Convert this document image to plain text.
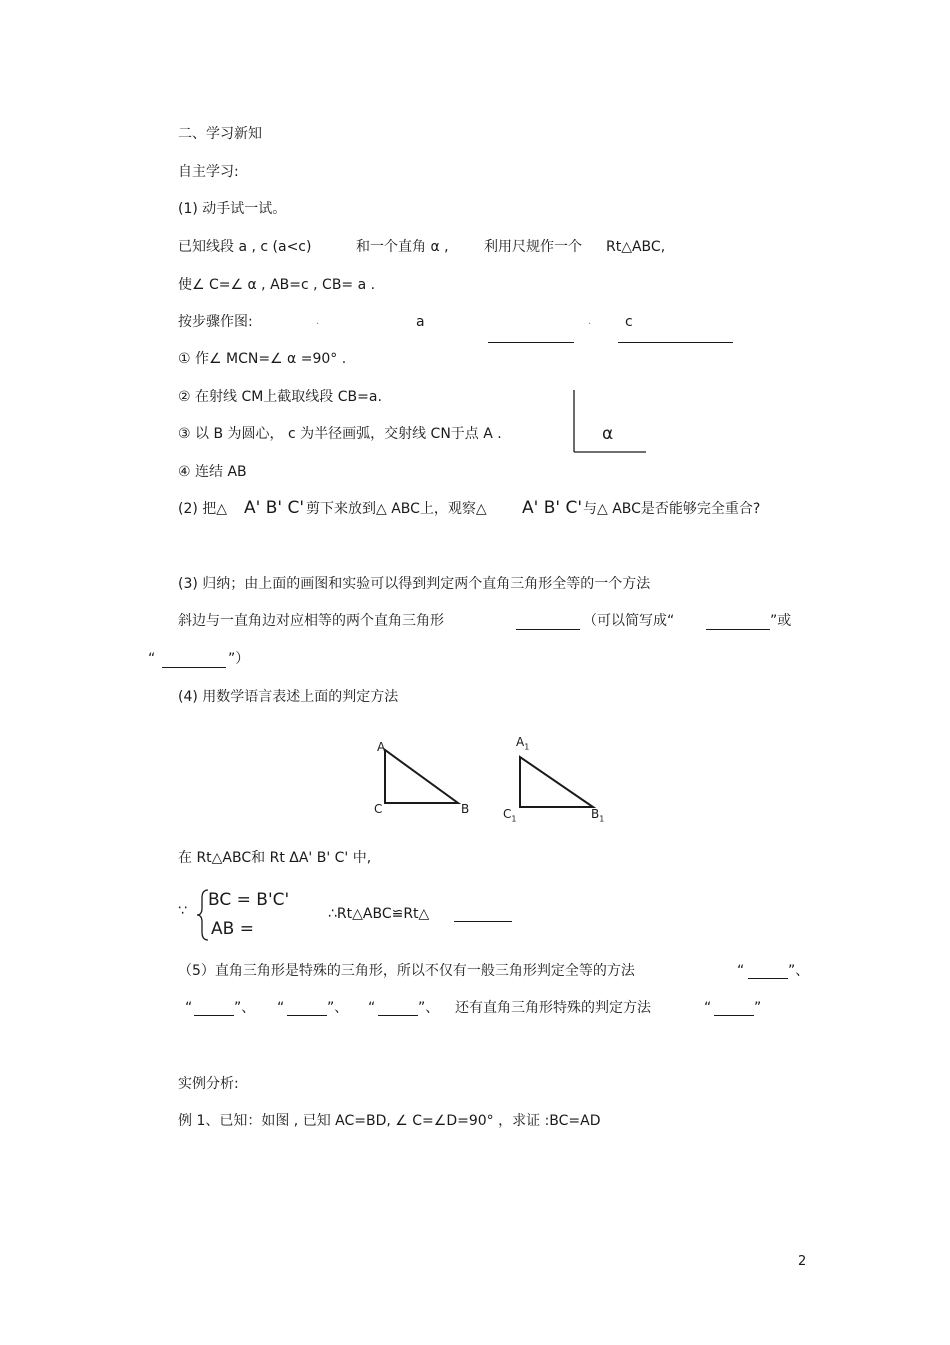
二、学习新知
自主学习:
(1) 动手试一试。
已知线段 a , c (a<c)	和一个直角 α ,	利用尺规作一个 Rt△ABC,
使∠ C=∠ α , AB=c , CB= a .
按步骤作图:	.	a	. c
① 作∠ MCN=∠ α =90° .
② 在射线 CM上截取线段 CB=a.
③ 以 B 为圆心， c 为半径画弧，交射线 CN于点 A .
④ 连结 AB
α
(2) 把△ A' B' C' 剪下来放到△ ABC上，观察△ A' B' C' 与△ ABC是否能够完全重合?
(3) 归纳；由上面的画图和实验可以得到判定两个直角三角形全等的一个方法
斜边与一直角边对应相等的两个直角三角形	（可以简写成“	”或
“	”）
(4) 用数学语言表述上面的判定方法
A
C	B
$A_1$
$C_1$	$B_1$
在 Rt△ABC和 Rt ΔA' B' C' 中,
∵
BC = B'C'
AB =
∴Rt△ABC≌Rt△
（5）直角三角形是特殊的三角形，所以不仅有一般三角形判定全等的方法	“	”、
“	”、 “	”、 “	”、 还有直角三角形特殊的判定方法	“	”
实例分析:
例 1、已知：如图 , 已知 AC=BD, ∠ C=∠D=90° ，求证 :BC=AD
2
